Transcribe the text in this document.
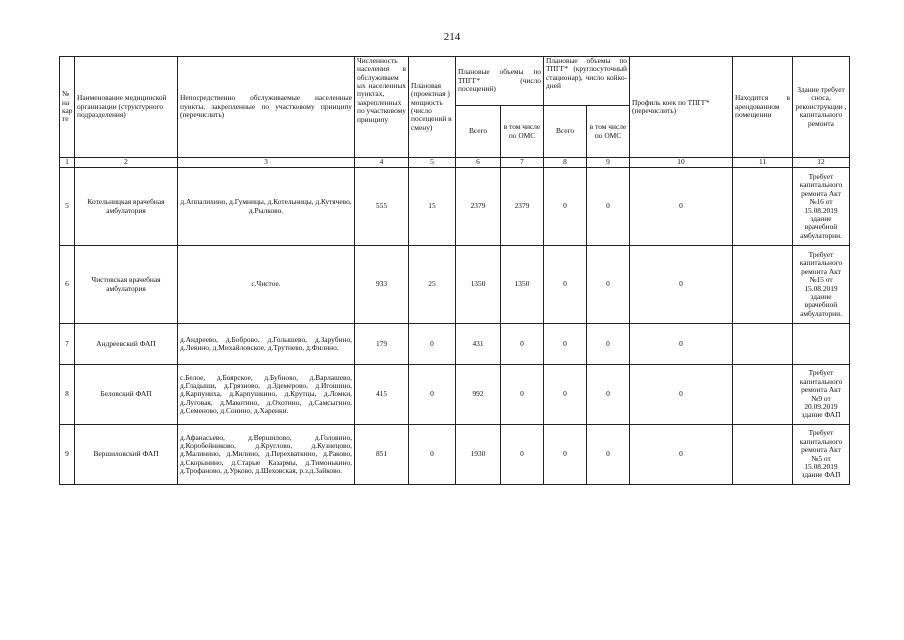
214
№ на кар те	Наименование медицинской организации (структурного подразделения)	Непосредственно обслуживаемые населенные пункты, закрепленные по участковому принципу (перечислить)	Численность населения в обслуживаем ых населенных пунктах, закрепленных по участковому принципу	Плановая (проектная ) мощность (число посещений в смену)	Плановые объемы по ТПГГ* (число посещений)		Плановые объемы по ТПГГ* (круглосуточный стационар), число койко-дней		Профиль коек по ТПГГ* (перечислить)	Находится в арендованном помещении	Здание требует сноса, реконструкции , капитального ремонта
					Всего	в том числе по ОМС	Всего	в том числе по ОМС			
1	2	3	4	5	6	7	8	9	10	11	12
5	Котельницкая врачебная амбулатория	д.Аппалихино, д.Гумницы, д.Котельницы, д.Кутячево, д.Рылково.	555	15	2379	2379	0	0	0		Требует капитального ремонта Акт №16 от 15.08.2019 здание врачебной амбулатории.
6	Чистовская врачебная амбулатория	с.Чистое.	933	25	1350	1350	0	0	0		Требует капитального ремонта Акт №15 от 15.08.2019 здание врачебной амбулатории.
7	Андреевский ФАП	д.Андреево, д.Боброво, д.Голышево, д.Зарубино, д.Левино, д.Михайловское, д.Трутнево, д.Филино.	179	0	431	0	0	0	0		
8	Беловский ФАП	с.Белое, д.Боярское, д.Бубново, д.Варлашево, д.Гладыши, д.Грязново, д.Здемерово, д.Игошино, д.Карпуниха, д.Карпушкино, д.Крутцы, д.Ломки, д.Луговая, д.Макотино, д.Охотино, д.Самсыгино, д.Семеново, д.Сонино, д.Харенки.	415	0	992	0	0	0	0		Требует капитального ремонта Акт №9 от 20.09.2019 здание ФАП
9	Вершиловский ФАП	д.Афанасьево, д.Вершилово, д.Головино, д.Коробейниково, д.Круглово, д.Кузнецово, д.Малинино, д.Милино, д.Перехваткино, д.Раково, д.Скорынино, д.Старые Казармы, д.Тимонькино, д.Трофаново, д.Урково, д.Шеховская, р.з.д.Зайково.	851	0	1930	0	0	0	0		Требует капитального ремонта Акт №5 от 15.08.2019 здание ФАП
